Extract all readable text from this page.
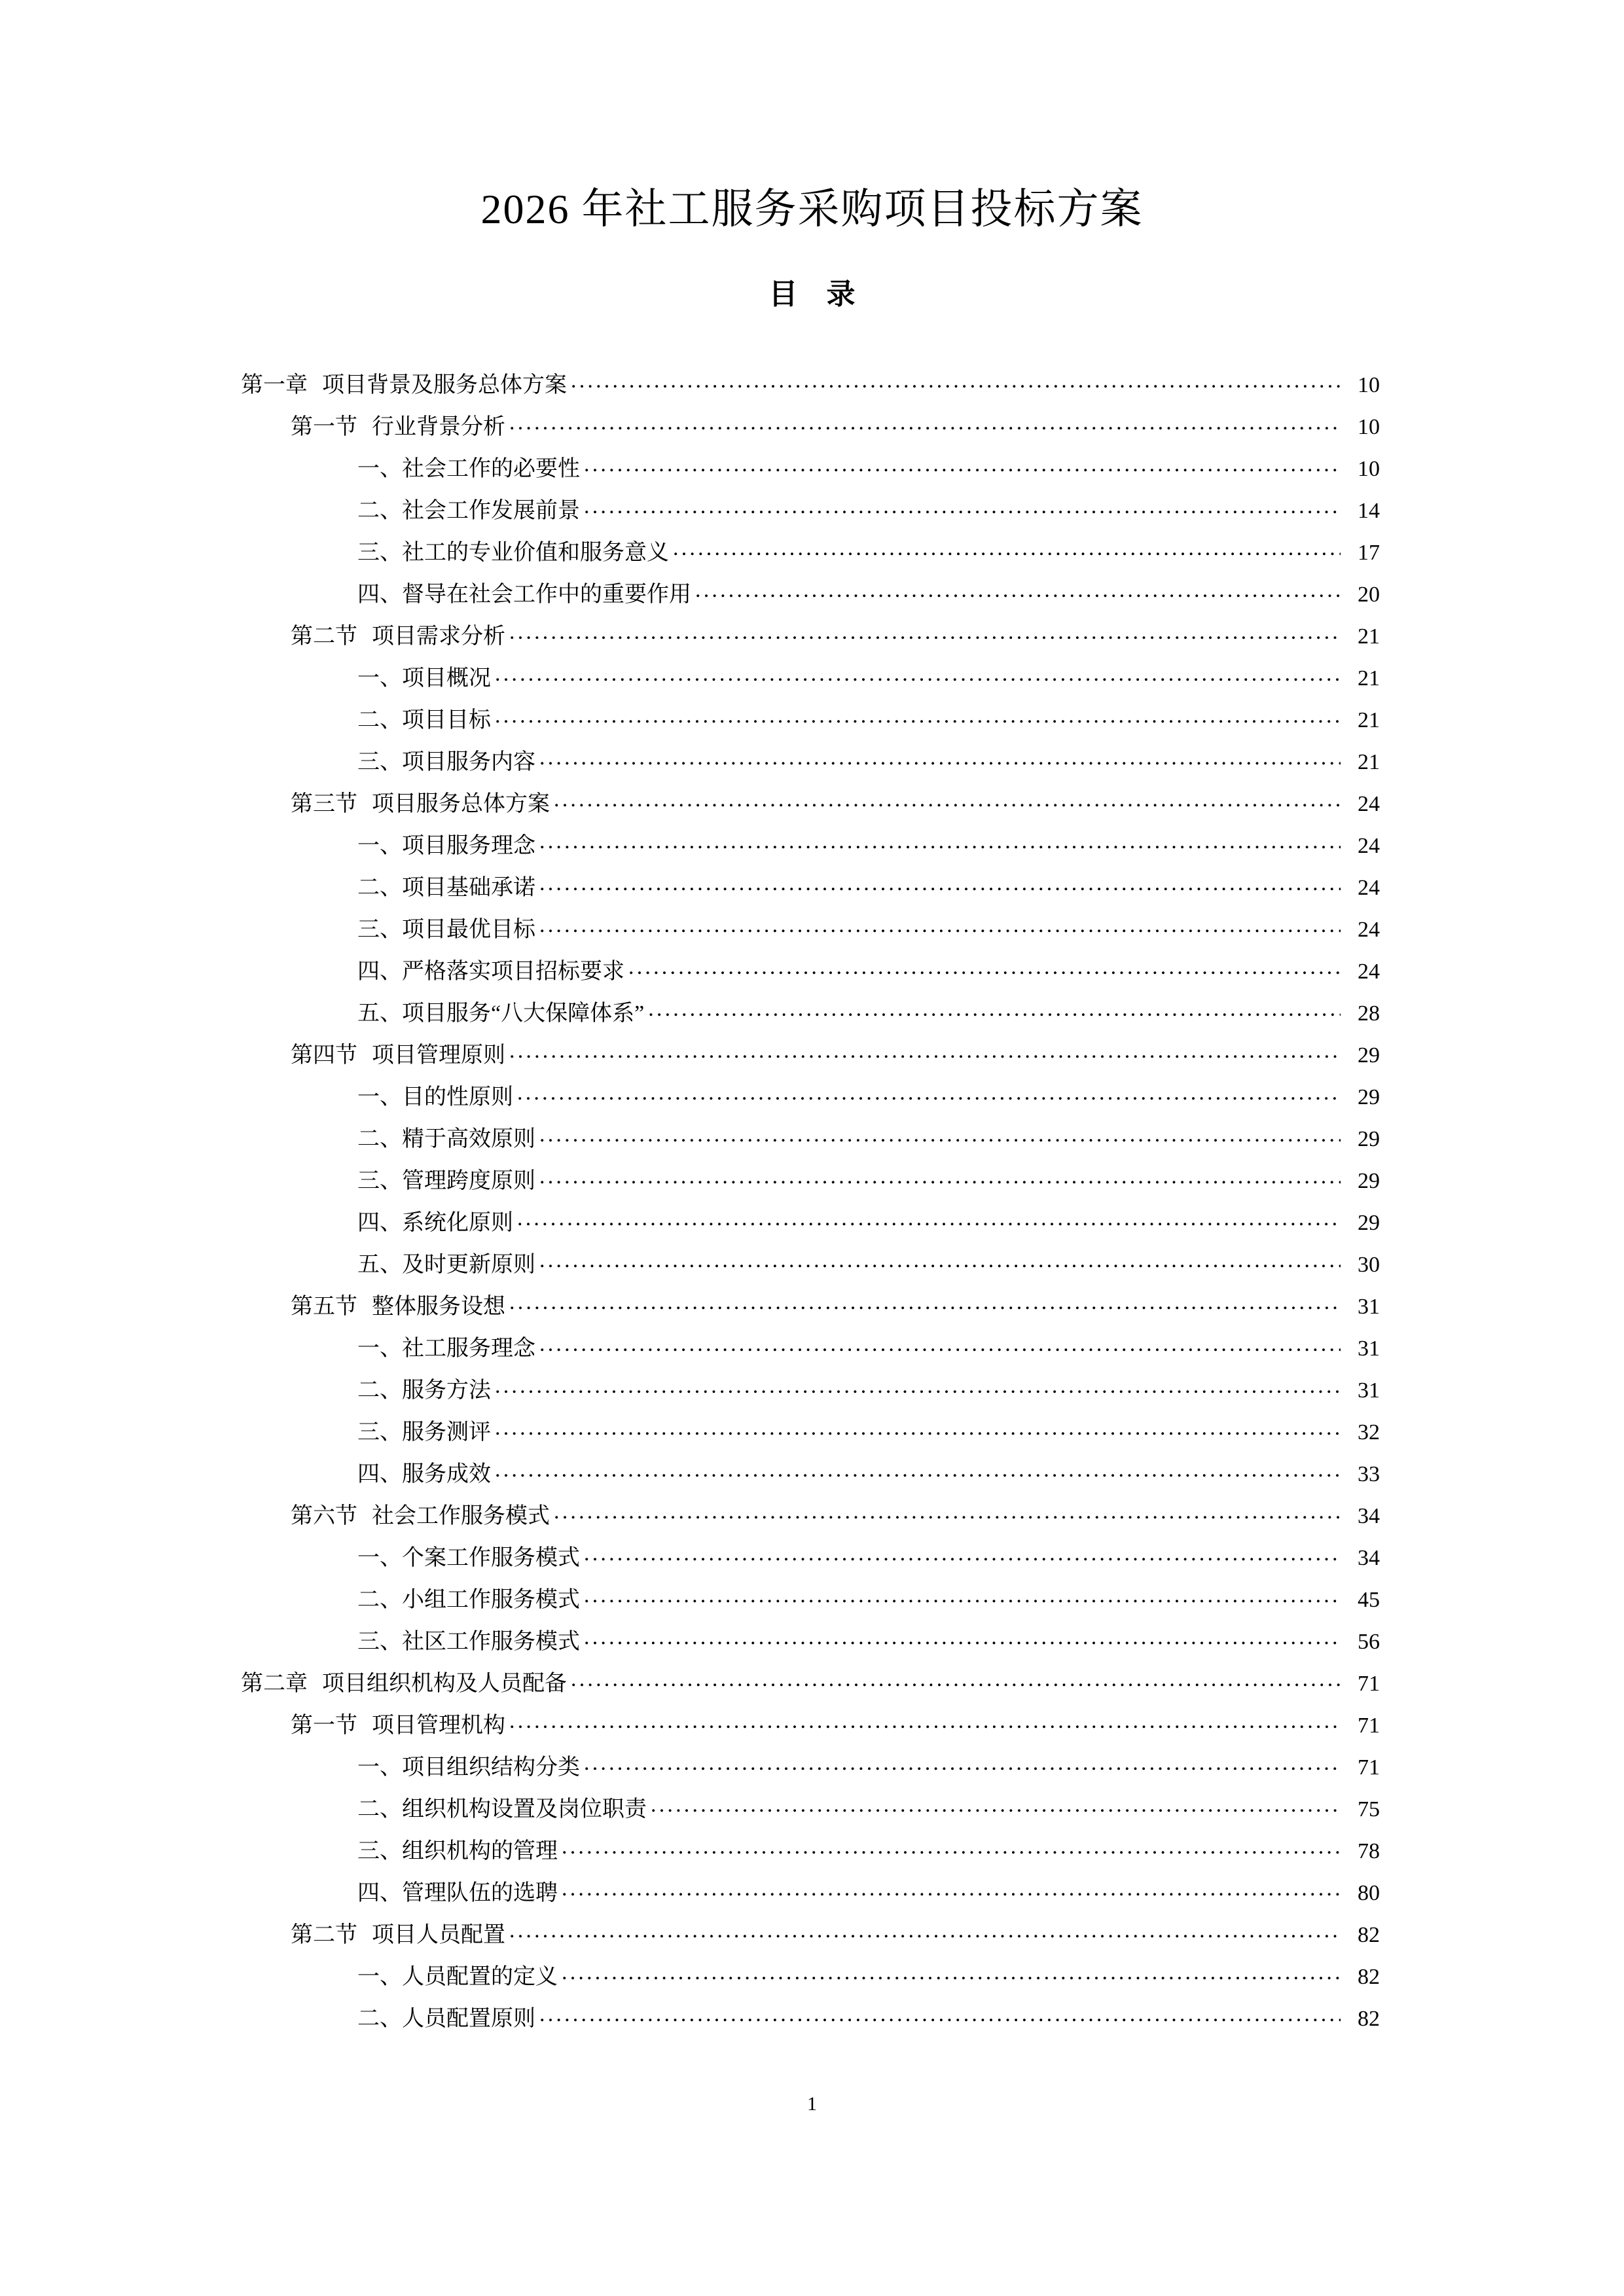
2026 年社工服务采购项目投标方案
目 录
第一章 项目背景及服务总体方案 .....	10
第一节 行业背景分析 .....	10
一、社会工作的必要性 .....	10
二、社会工作发展前景 .....	14
三、社工的专业价值和服务意义 .....	17
四、督导在社会工作中的重要作用 .....	20
第二节 项目需求分析 .....	21
一、项目概况 .....	21
二、项目目标 .....	21
三、项目服务内容 .....	21
第三节 项目服务总体方案 .....	24
一、项目服务理念 .....	24
二、项目基础承诺 .....	24
三、项目最优目标 .....	24
四、严格落实项目招标要求 .....	24
五、项目服务“八大保障体系” .....	28
第四节 项目管理原则 .....	29
一、目的性原则 .....	29
二、精于高效原则 .....	29
三、管理跨度原则 .....	29
四、系统化原则 .....	29
五、及时更新原则 .....	30
第五节 整体服务设想 .....	31
一、社工服务理念 .....	31
二、服务方法 .....	31
三、服务测评 .....	32
四、服务成效 .....	33
第六节 社会工作服务模式 .....	34
一、个案工作服务模式 .....	34
二、小组工作服务模式 .....	45
三、社区工作服务模式 .....	56
第二章 项目组织机构及人员配备 .....	71
第一节 项目管理机构 .....	71
一、项目组织结构分类 .....	71
二、组织机构设置及岗位职责 .....	75
三、组织机构的管理 .....	78
四、管理队伍的选聘 .....	80
第二节 项目人员配置 .....	82
一、人员配置的定义 .....	82
二、人员配置原则 .....	82
1
